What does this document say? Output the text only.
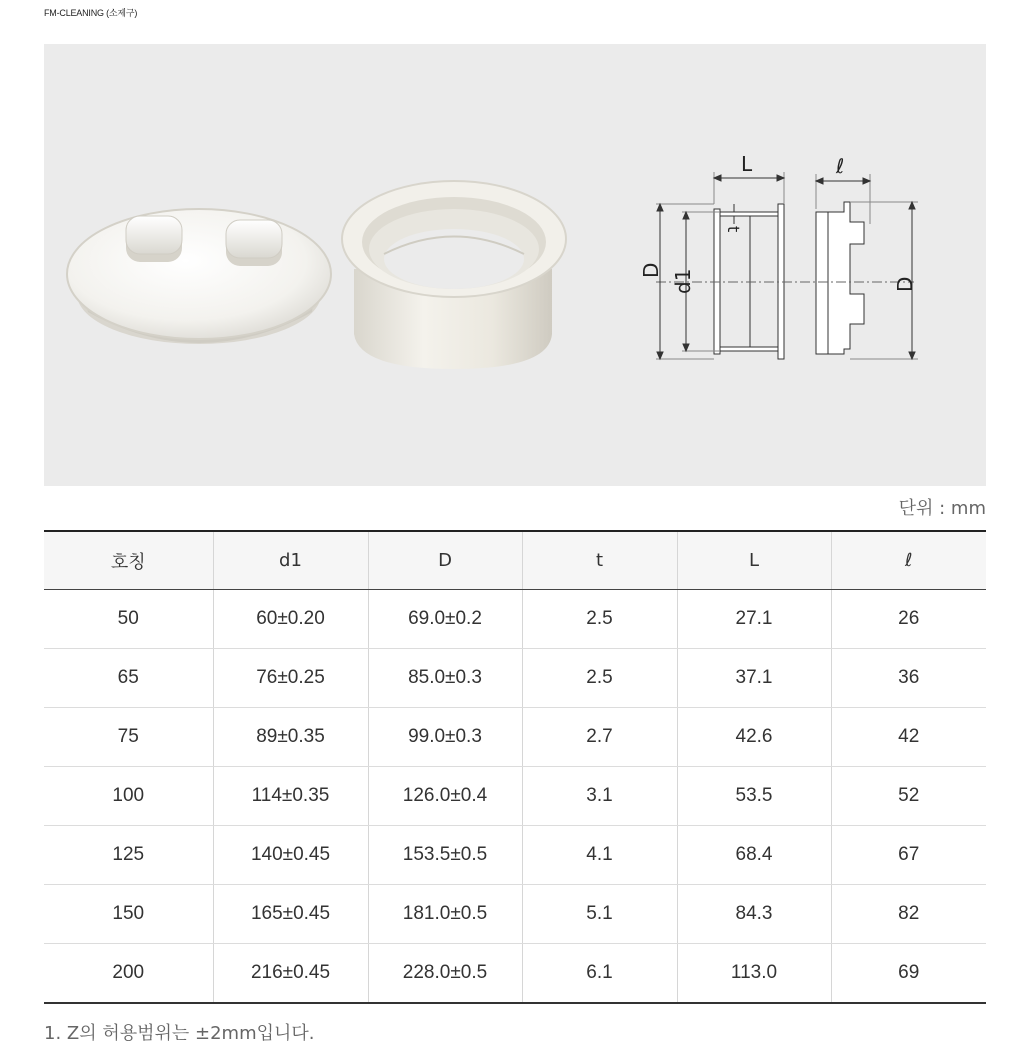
FM-CLEANING (소제구)
L	ℓ
t
D d1	D
단위 : mm
호칭	d1	D	t	L	ℓ
50	60±0.20	69.0±0.2	2.5	27.1	26
65	76±0.25	85.0±0.3	2.5	37.1	36
75	89±0.35	99.0±0.3	2.7	42.6	42
100	114±0.35	126.0±0.4	3.1	53.5	52
125	140±0.45	153.5±0.5	4.1	68.4	67
150	165±0.45	181.0±0.5	5.1	84.3	82
200	216±0.45	228.0±0.5	6.1	113.0	69
1. Z의 허용범위는 ±2mm입니다.
